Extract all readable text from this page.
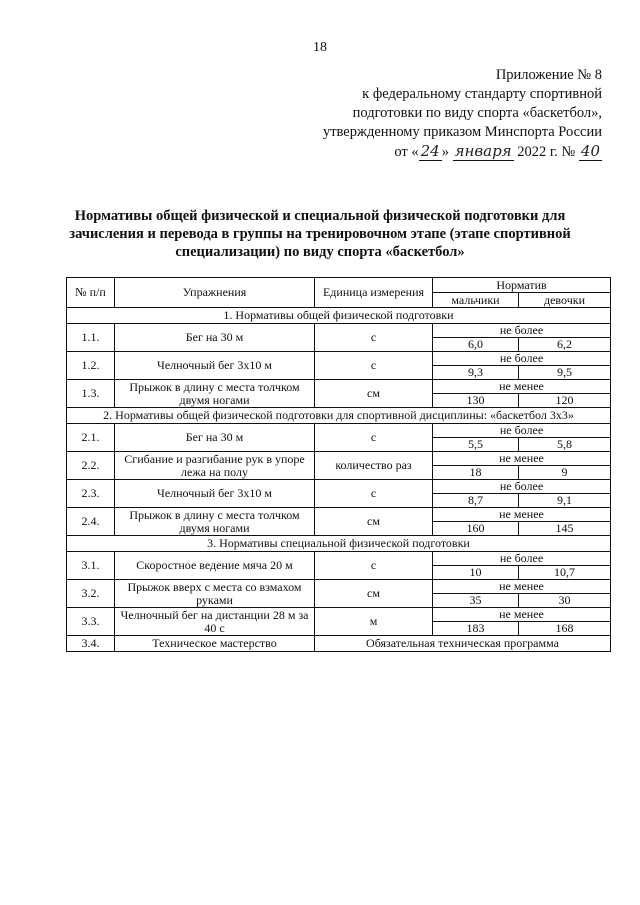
18
Приложение № 8
к федеральному стандарту спортивной
подготовки по виду спорта «баскетбол»,
утвержденному приказом Минспорта России
от « 24 » января 2022 г. № 40
Нормативы общей физической и специальной физической подготовки для зачисления и перевода в группы на тренировочном этапе (этапе спортивной специализации) по виду спорта «баскетбол»
№ п/п	Упражнения	Единица измерения	Норматив	
			мальчики	девочки
1. Нормативы общей физической подготовки				
1.1.	Бег на 30 м	с	не более	
			6,0	6,2
1.2.	Челночный бег 3х10 м	с	не более	
			9,3	9,5
1.3.	Прыжок в длину с места толчком двумя ногами	см	не менее	
			130	120
2. Нормативы общей физической подготовки для спортивной дисциплины: «баскетбол 3х3»				
2.1.	Бег на 30 м	с	не более	
			5,5	5,8
2.2.	Сгибание и разгибание рук в упоре лежа на полу	количество раз	не менее	
			18	9
2.3.	Челночный бег 3х10 м	с	не более	
			8,7	9,1
2.4.	Прыжок в длину с места толчком двумя ногами	см	не менее	
			160	145
3. Нормативы специальной физической подготовки				
3.1.	Скоростное ведение мяча 20 м	с	не более	
			10	10,7
3.2.	Прыжок вверх с места со взмахом руками	см	не менее	
			35	30
3.3.	Челночный бег на дистанции 28 м за 40 с	м	не менее	
			183	168
3.4.	Техническое мастерство	Обязательная техническая программа		
